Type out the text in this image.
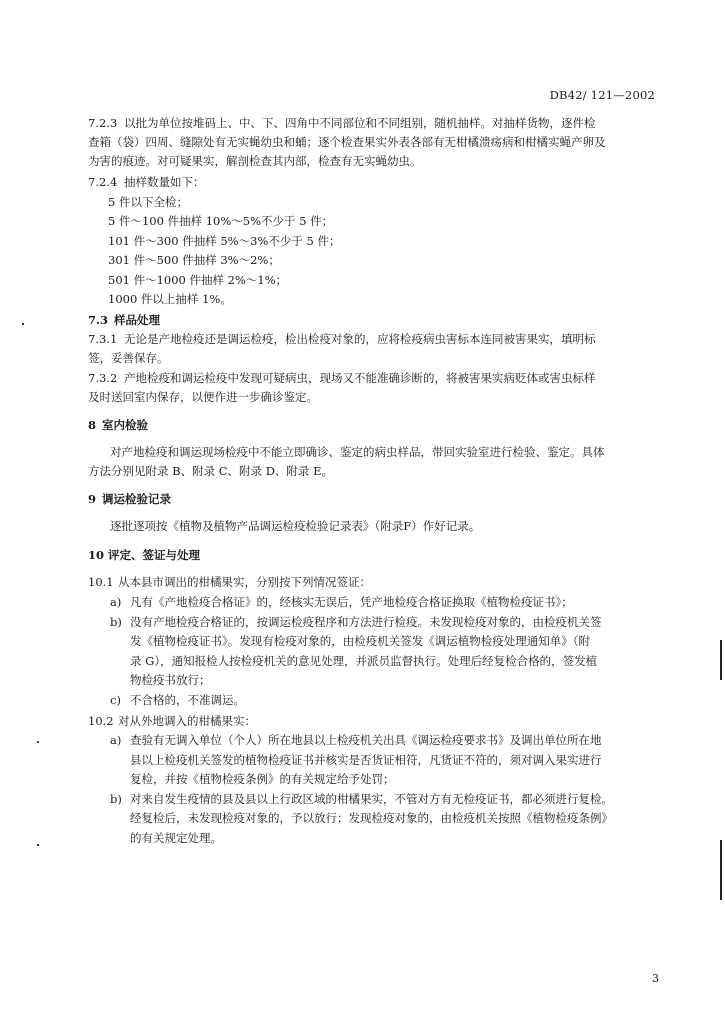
DB42/ 121—2002
7.2.3 以批为单位按堆码上、中、下、四角中不同部位和不同组别，随机抽样。对抽样货物，逐件检
查箱（袋）四周、缝隙处有无实蝇幼虫和蛹；逐个检查果实外表各部有无柑橘溃疡病和柑橘实蝇产卵及
为害的痕迹。对可疑果实，解剖检查其内部，检查有无实蝇幼虫。
7.2.4 抽样数量如下：
5 件以下全检；
5 件～100 件抽样 10%～5%不少于 5 件；
101 件～300 件抽样 5%～3%不少于 5 件；
301 件～500 件抽样 3%～2%；
501 件～1000 件抽样 2%～1%；
1000 件以上抽样 1%。
7.3 样品处理
7.3.1 无论是产地检疫还是调运检疫，检出检疫对象的，应将检疫病虫害标本连同被害果实，填明标
签，妥善保存。
7.3.2 产地检疫和调运检疫中发现可疑病虫，现场又不能准确诊断的，将被害果实病贬体或害虫标样
及时送回室内保存，以便作进一步确诊鉴定。
8 室内检验
对产地检疫和调运现场检疫中不能立即确诊、鉴定的病虫样品，带回实验室进行检验、鉴定。具体
方法分别见附录 B、附录 C、附录 D、附录 E。
9 调运检验记录
逐批逐项按《植物及植物产品调运检疫检验记录表》（附录F）作好记录。
10 评定、签证与处理
10.1 从本县市调出的柑橘果实，分别按下列情况签证：
a) 凡有《产地检疫合格证》的，经核实无误后，凭产地检疫合格证换取《植物检疫证书》；
b) 没有产地检疫合格证的，按调运检疫程序和方法进行检疫。未发现检疫对象的，由检疫机关签
发《植物检疫证书》。发现有检疫对象的，由检疫机关签发《调运植物检疫处理通知单》（附
录 G），通知报检人按检疫机关的意见处理，并派员监督执行。处理后经复检合格的，签发植
物检疫书放行；
c) 不合格的，不准调运。
10.2 对从外地调入的柑橘果实：
a) 查验有无调入单位（个人）所在地县以上检疫机关出具《调运检疫要求书》及调出单位所在地
县以上检疫机关签发的植物检疫证书并核实是否货证相符，凡货证不符的，须对调入果实进行
复检，并按《植物检疫条例》的有关规定给予处罚；
b) 对来自发生疫情的县及县以上行政区域的柑橘果实，不管对方有无检疫证书，都必须进行复检。
经复检后，未发现检疫对象的，予以放行；发现检疫对象的，由检疫机关按照《植物检疫条例》
的有关规定处理。
3
